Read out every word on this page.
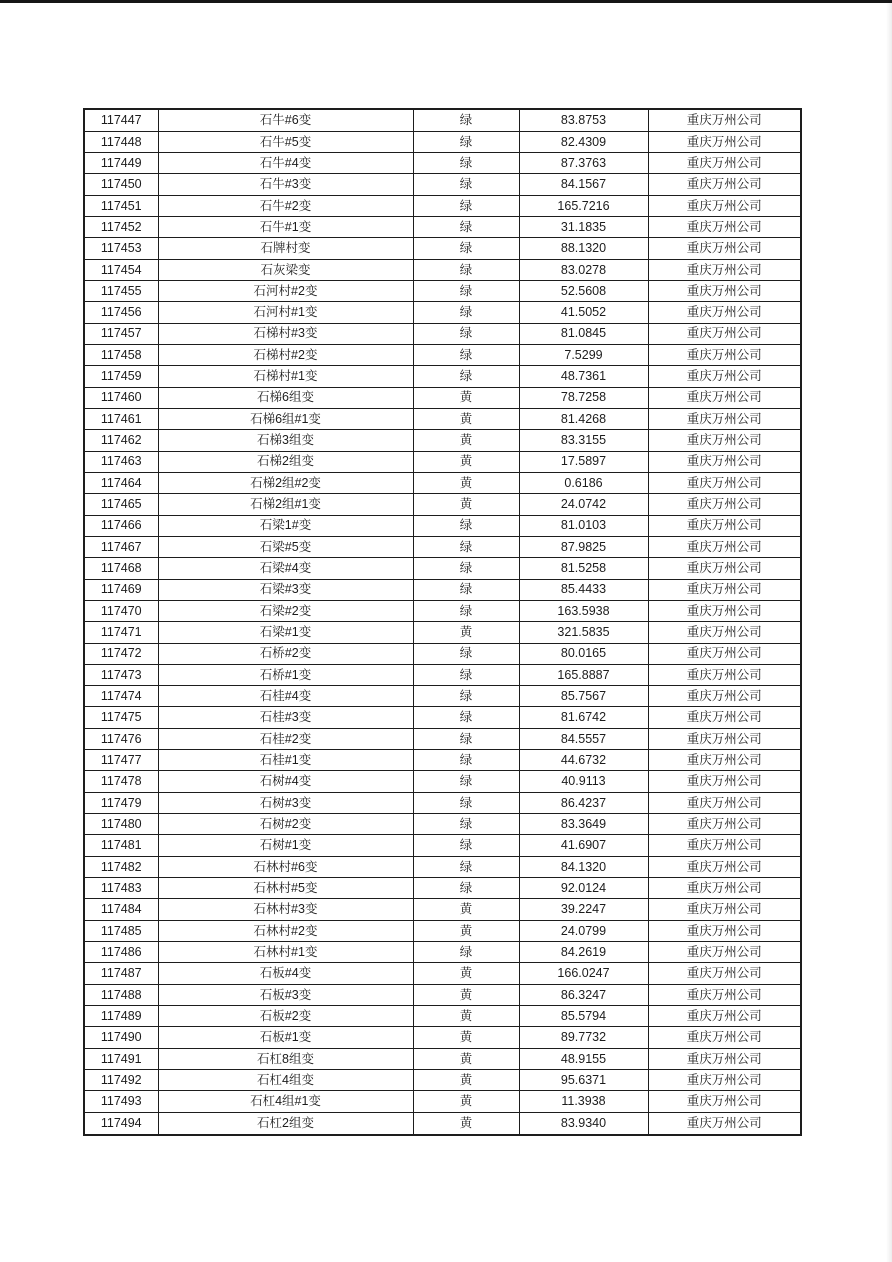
117447	石牛#6变	绿	83.8753	重庆万州公司
117448	石牛#5变	绿	82.4309	重庆万州公司
117449	石牛#4变	绿	87.3763	重庆万州公司
117450	石牛#3变	绿	84.1567	重庆万州公司
117451	石牛#2变	绿	165.7216	重庆万州公司
117452	石牛#1变	绿	31.1835	重庆万州公司
117453	石牌村变	绿	88.1320	重庆万州公司
117454	石灰梁变	绿	83.0278	重庆万州公司
117455	石河村#2变	绿	52.5608	重庆万州公司
117456	石河村#1变	绿	41.5052	重庆万州公司
117457	石梯村#3变	绿	81.0845	重庆万州公司
117458	石梯村#2变	绿	7.5299	重庆万州公司
117459	石梯村#1变	绿	48.7361	重庆万州公司
117460	石梯6组变	黄	78.7258	重庆万州公司
117461	石梯6组#1变	黄	81.4268	重庆万州公司
117462	石梯3组变	黄	83.3155	重庆万州公司
117463	石梯2组变	黄	17.5897	重庆万州公司
117464	石梯2组#2变	黄	0.6186	重庆万州公司
117465	石梯2组#1变	黄	24.0742	重庆万州公司
117466	石梁1#变	绿	81.0103	重庆万州公司
117467	石梁#5变	绿	87.9825	重庆万州公司
117468	石梁#4变	绿	81.5258	重庆万州公司
117469	石梁#3变	绿	85.4433	重庆万州公司
117470	石梁#2变	绿	163.5938	重庆万州公司
117471	石梁#1变	黄	321.5835	重庆万州公司
117472	石桥#2变	绿	80.0165	重庆万州公司
117473	石桥#1变	绿	165.8887	重庆万州公司
117474	石桂#4变	绿	85.7567	重庆万州公司
117475	石桂#3变	绿	81.6742	重庆万州公司
117476	石桂#2变	绿	84.5557	重庆万州公司
117477	石桂#1变	绿	44.6732	重庆万州公司
117478	石树#4变	绿	40.9113	重庆万州公司
117479	石树#3变	绿	86.4237	重庆万州公司
117480	石树#2变	绿	83.3649	重庆万州公司
117481	石树#1变	绿	41.6907	重庆万州公司
117482	石林村#6变	绿	84.1320	重庆万州公司
117483	石林村#5变	绿	92.0124	重庆万州公司
117484	石林村#3变	黄	39.2247	重庆万州公司
117485	石林村#2变	黄	24.0799	重庆万州公司
117486	石林村#1变	绿	84.2619	重庆万州公司
117487	石板#4变	黄	166.0247	重庆万州公司
117488	石板#3变	黄	86.3247	重庆万州公司
117489	石板#2变	黄	85.5794	重庆万州公司
117490	石板#1变	黄	89.7732	重庆万州公司
117491	石杠8组变	黄	48.9155	重庆万州公司
117492	石杠4组变	黄	95.6371	重庆万州公司
117493	石杠4组#1变	黄	11.3938	重庆万州公司
117494	石杠2组变	黄	83.9340	重庆万州公司
